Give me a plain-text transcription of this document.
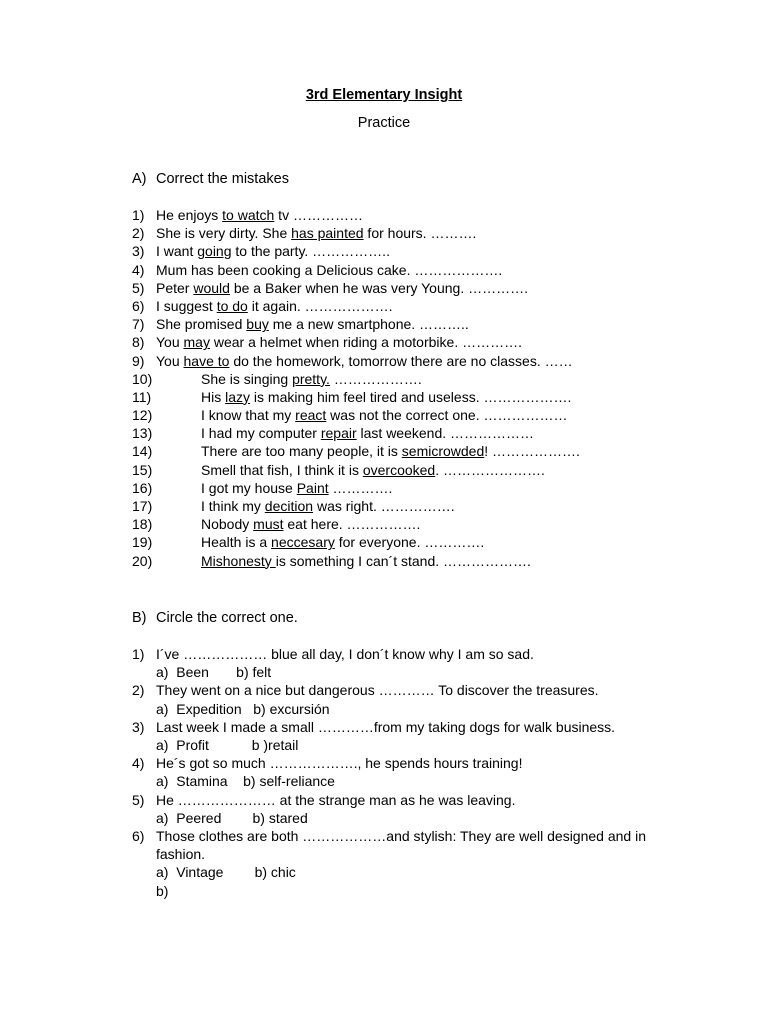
3rd Elementary Insight
Practice
A) Correct the mistakes
1) He enjoys to watch tv ……………
2) She is very dirty. She has painted for hours. ……….
3) I want going to the party. ……………..
4) Mum has been cooking a Delicious cake. ……………….
5) Peter would be a Baker when he was very Young. ………….
6) I suggest to do it again. ……………….
7) She promised buy me a new smartphone. ………..
8) You may wear a helmet when riding a motorbike. ………….
9) You have to do the homework, tomorrow there are no classes. ……
10)	She is singing pretty. ……………….
11)	His lazy is making him feel tired and useless. ……………….
12)	I know that my react was not the correct one. ………………
13)	I had my computer repair last weekend. ………………
14)	There are too many people, it is semicrowded! ……………….
15)	Smell that fish, I think it is overcooked. ………………….
16)	I got my house Paint ………….
17)	I think my decition was right. …………….
18)	Nobody must eat here. …………….
19)	Health is a neccesary for everyone. ………….
20)	Mishonesty is something I can´t stand. ……………….
B) Circle the correct one.
1) I´ve ……………… blue all day, I don´t know why I am so sad.
a)  Been       b) felt
2) They went on a nice but dangerous ………… To discover the treasures.
a)  Expedition   b) excursión
3) Last week I made a small …………from my taking dogs for walk business.
a)  Profit           b )retail
4) He´s got so much ………………., he spends hours training!
a)  Stamina    b) self-reliance
5) He ………………… at the strange man as he was leaving.
a)  Peered        b) stared
6) Those clothes are both ………………and stylish: They are well designed and in fashion.
a)  Vintage        b) chic
b)
